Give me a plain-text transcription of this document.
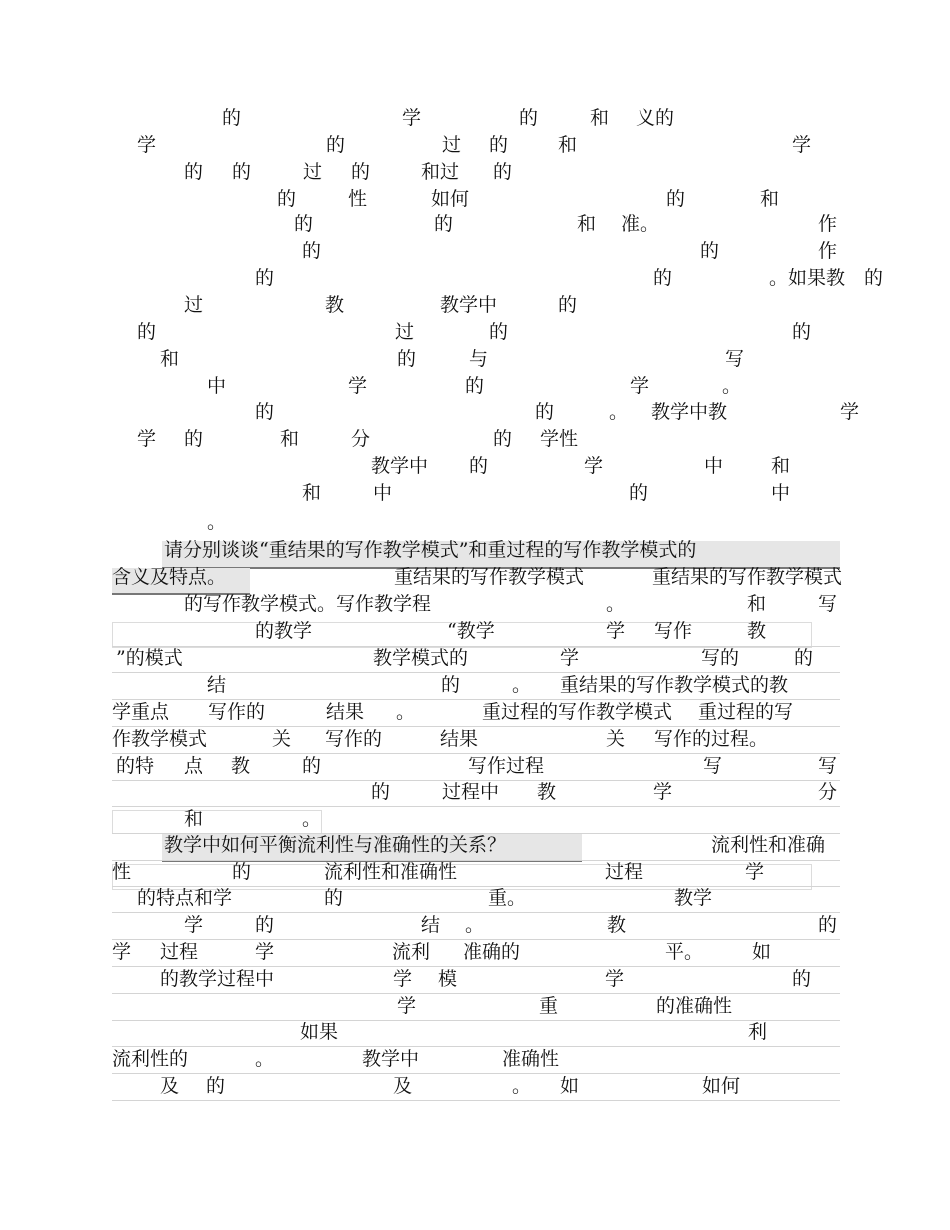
的	学	的	和 义的
学	的	过 的	和	学
的 的	过 的	和过 的
的	性	如何	的	和
的	的	和 准。	作
的	的	作
的	的	。如果教 的
过	教	教学中	的
的	过	的	的
和	的	与	写
中	学	的	学	。
的	的	。 教学中教	学
学 的	和	分	的 学性
教学中 的	学	中	和
和	中	的	中
。
请分别谈谈“重结果的写作教学模式”和重过程的写作教学模式的
含义及特点。	重结果的写作教学模式	重结果的写作教学模式
的写作教学模式。写作教学程	。	和	写
的教学	“教学	学 写作	教
”的模式	教学模式的	学	写的	的
结	的	。 重结果的写作教学模式的教
学重点 写作的	结果 。	重过程的写作教学模式 重过程的写
作教学模式	关 写作的	结果	关 写作的过程。
的特 点 教	的	写作过程	写	写
的	过程中 教	学	分
和	。
教学中如何平衡流利性与准确性的关系？	流利性和准确
性	的	流利性和准确性	过程	学
的特点和学	的	重。	教学
学	的	结 。	教	的
学 过程	学	流利 准确的	平。	如
的教学过程中	学 模	学	的
学	重	的准确性
如果	利
流利性的	。	教学中	准确性
及 的	及	。 如	如何
